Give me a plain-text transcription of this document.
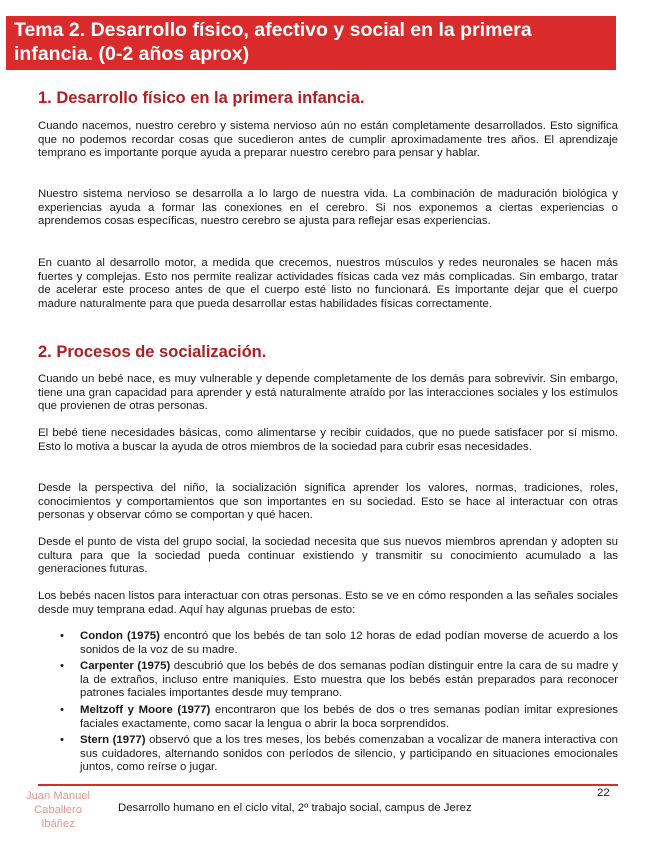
Tema 2. Desarrollo físico, afectivo y social en la primera
infancia. (0-2 años aprox)
1. Desarrollo físico en la primera infancia.

Cuando nacemos, nuestro cerebro y sistema nervioso aún no están completamente desarrollados. Esto significa que no podemos recordar cosas que sucedieron antes de cumplir aproximadamente tres años. El aprendizaje temprano es importante porque ayuda a preparar nuestro cerebro para pensar y hablar.

Nuestro sistema nervioso se desarrolla a lo largo de nuestra vida. La combinación de maduración biológica y experiencias ayuda a formar las conexiones en el cerebro. Si nos exponemos a ciertas experiencias o aprendemos cosas específicas, nuestro cerebro se ajusta para reflejar esas experiencias.

En cuanto al desarrollo motor, a medida que crecemos, nuestros músculos y redes neuronales se hacen más fuertes y complejas. Esto nos permite realizar actividades físicas cada vez más complicadas. Sin embargo, tratar de acelerar este proceso antes de que el cuerpo esté listo no funcionará. Es importante dejar que el cuerpo madure naturalmente para que pueda desarrollar estas habilidades físicas correctamente.

2. Procesos de socialización.

Cuando un bebé nace, es muy vulnerable y depende completamente de los demás para sobrevivir. Sin embargo, tiene una gran capacidad para aprender y está naturalmente atraído por las interacciones sociales y los estímulos que provienen de otras personas.

El bebé tiene necesidades básicas, como alimentarse y recibir cuidados, que no puede satisfacer por sí mismo. Esto lo motiva a buscar la ayuda de otros miembros de la sociedad para cubrir esas necesidades.

Desde la perspectiva del niño, la socialización significa aprender los valores, normas, tradiciones, roles, conocimientos y comportamientos que son importantes en su sociedad. Esto se hace al interactuar con otras personas y observar cómo se comportan y qué hacen.

Desde el punto de vista del grupo social, la sociedad necesita que sus nuevos miembros aprendan y adopten su cultura para que la sociedad pueda continuar existiendo y transmitir su conocimiento acumulado a las generaciones futuras.

Los bebés nacen listos para interactuar con otras personas. Esto se ve en cómo responden a las señales sociales desde muy temprana edad. Aquí hay algunas pruebas de esto:

• Condon (1975) encontró que los bebés de tan solo 12 horas de edad podían moverse de acuerdo a los sonidos de la voz de su madre.
• Carpenter (1975) descubrió que los bebés de dos semanas podían distinguir entre la cara de su madre y la de extraños, incluso entre maniquíes. Esto muestra que los bebés están preparados para reconocer patrones faciales importantes desde muy temprano.
• Meltzoff y Moore (1977) encontraron que los bebés de dos o tres semanas podían imitar expresiones faciales exactamente, como sacar la lengua o abrir la boca sorprendidos.
• Stern (1977) observó que a los tres meses, los bebés comenzaban a vocalizar de manera interactiva con sus cuidadores, alternando sonidos con períodos de silencio, y participando en situaciones emocionales juntos, como reírse o jugar.
22
Juan Manuel
Caballero
Ibáñez
Desarrollo humano en el ciclo vital, 2º trabajo social, campus de Jerez
